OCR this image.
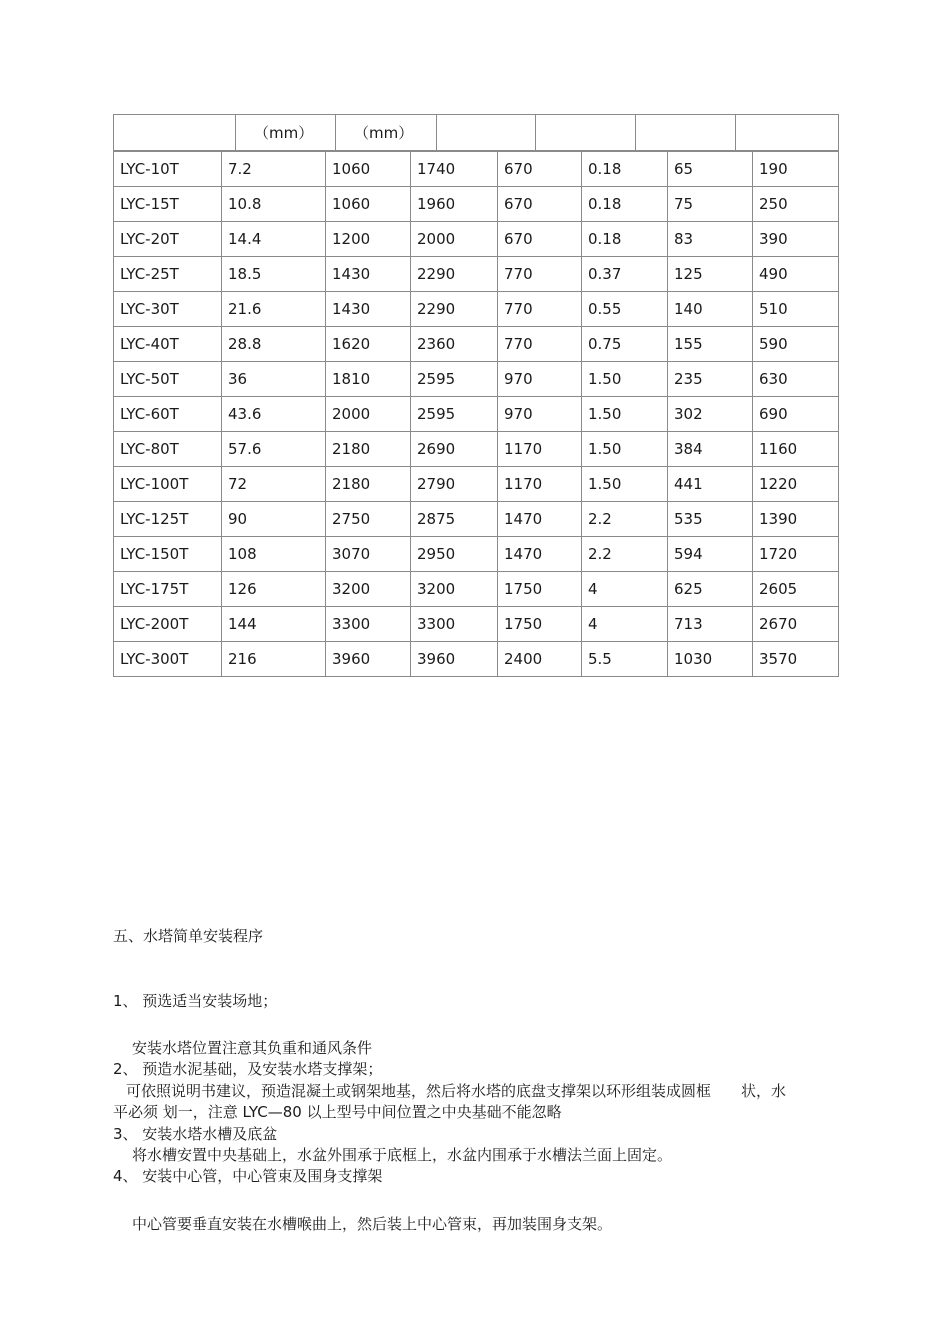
	（mm）	（mm）				
LYC-10T	7.2	1060	1740	670	0.18	65	190
LYC-15T	10.8	1060	1960	670	0.18	75	250
LYC-20T	14.4	1200	2000	670	0.18	83	390
LYC-25T	18.5	1430	2290	770	0.37	125	490
LYC-30T	21.6	1430	2290	770	0.55	140	510
LYC-40T	28.8	1620	2360	770	0.75	155	590
LYC-50T	36	1810	2595	970	1.50	235	630
LYC-60T	43.6	2000	2595	970	1.50	302	690
LYC-80T	57.6	2180	2690	1170	1.50	384	1160
LYC-100T	72	2180	2790	1170	1.50	441	1220
LYC-125T	90	2750	2875	1470	2.2	535	1390
LYC-150T	108	3070	2950	1470	2.2	594	1720
LYC-175T	126	3200	3200	1750	4	625	2605
LYC-200T	144	3300	3300	1750	4	713	2670
LYC-300T	216	3960	3960	2400	5.5	1030	3570
五、水塔简单安装程序
1、 预选适当安装场地；
安装水塔位置注意其负重和通风条件
2、 预造水泥基础，及安装水塔支撑架；
可依照说明书建议，预造混凝土或钢架地基，然后将水塔的底盘支撑架以环形组装成圆框　　状，水
平必须 划一，注意 LYC—80 以上型号中间位置之中央基础不能忽略
3、 安装水塔水槽及底盆
将水槽安置中央基础上，水盆外围承于底框上，水盆内围承于水槽法兰面上固定。
4、 安装中心管，中心管束及围身支撑架
中心管要垂直安装在水槽喉曲上，然后装上中心管束，再加装围身支架。
